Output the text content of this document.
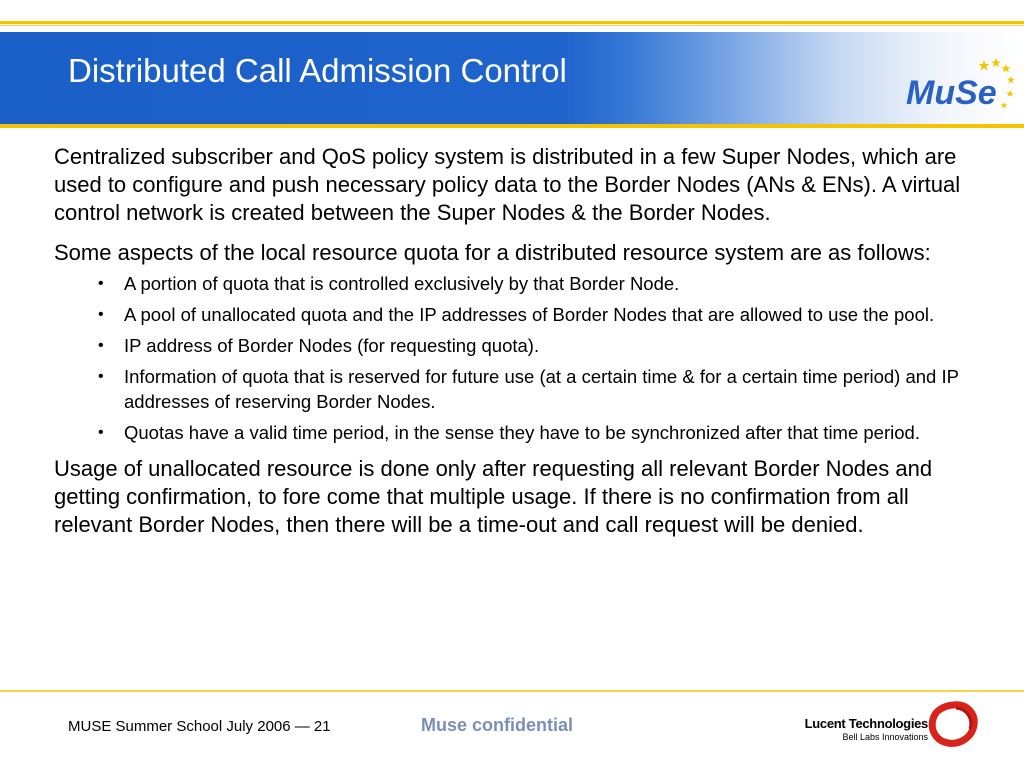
Distributed Call Admission Control
MuSe

Centralized subscriber and QoS policy system is distributed in a few Super Nodes, which are used to configure and push necessary policy data to the Border Nodes (ANs & ENs). A virtual control network is created between the Super Nodes & the Border Nodes.

Some aspects of the local resource quota for a distributed resource system are as follows:

• A portion of quota that is controlled exclusively by that Border Node.
• A pool of unallocated quota and the IP addresses of Border Nodes that are allowed to use the pool.
• IP address of Border Nodes (for requesting quota).
• Information of quota that is reserved for future use (at a certain time & for a certain time period) and IP addresses of reserving Border Nodes.
• Quotas have a valid time period, in the sense they have to be synchronized after that time period.

Usage of unallocated resource is done only after requesting all relevant Border Nodes and getting confirmation, to fore come that multiple usage. If there is no confirmation from all relevant Border Nodes, then there will be a time-out and call request will be denied.

MUSE Summer School July 2006 — 21	Muse confidential	Lucent Technologies
Bell Labs Innovations
